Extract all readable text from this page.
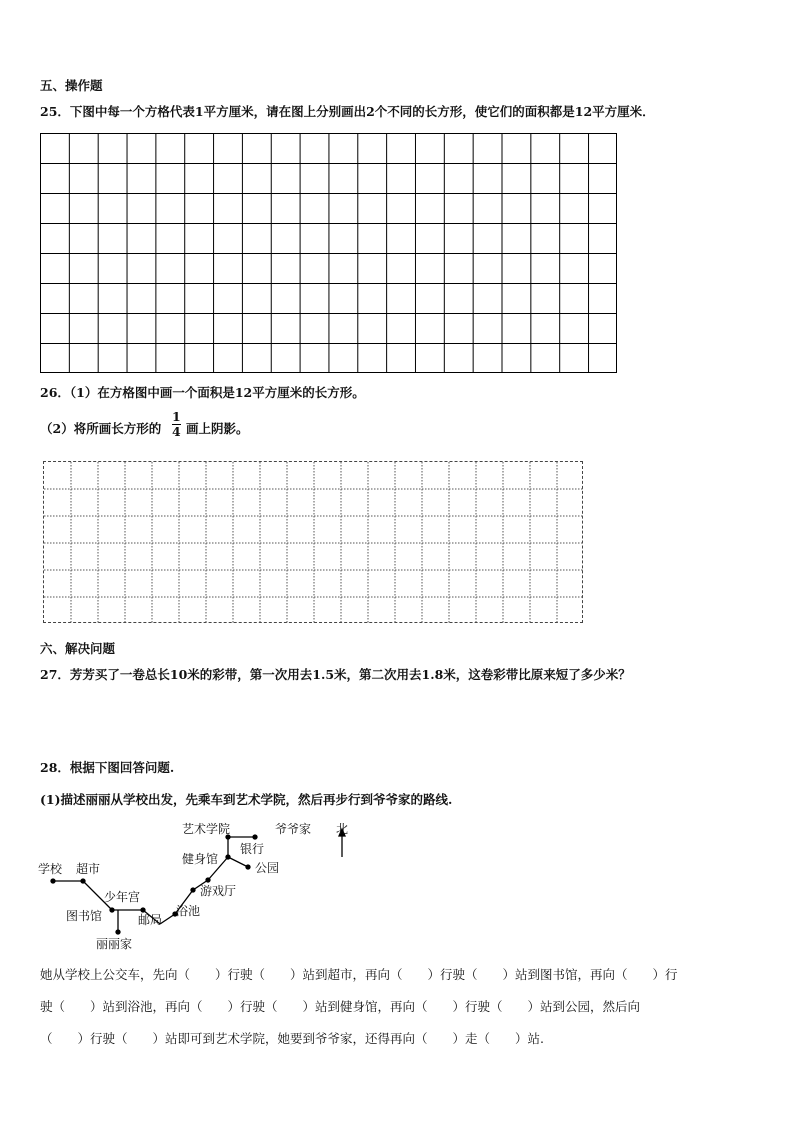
五、操作题
25．下图中每一个方格代表1平方厘米，请在图上分别画出2个不同的长方形，使它们的面积都是12平方厘米．
26．（1）在方格图中画一个面积是12平方厘米的长方形。
（2）将所画长方形的 $\frac{1}{4}$ 画上阴影。
六、解决问题
27．芳芳买了一卷总长10米的彩带，第一次用去1.5米，第二次用去1.8米，这卷彩带比原来短了多少米？
28．根据下图回答问题.
(1)描述丽丽从学校出发，先乘车到艺术学院，然后再步行到爷爷家的路线.
学校 超市
少年宫
图书馆	邮局
丽丽家
浴池
游戏厅
健身馆
公园
银行
艺术学院	爷爷家 北
她从学校上公交车，先向（　　）行驶（　　）站到超市，再向（　　）行驶（　　）站到图书馆，再向（　　）行
驶（　　）站到浴池，再向（　　）行驶（　　）站到健身馆，再向（　　）行驶（　　）站到公园，然后向
（　　）行驶（　　）站即可到艺术学院，她要到爷爷家，还得再向（　　）走（　　）站.
